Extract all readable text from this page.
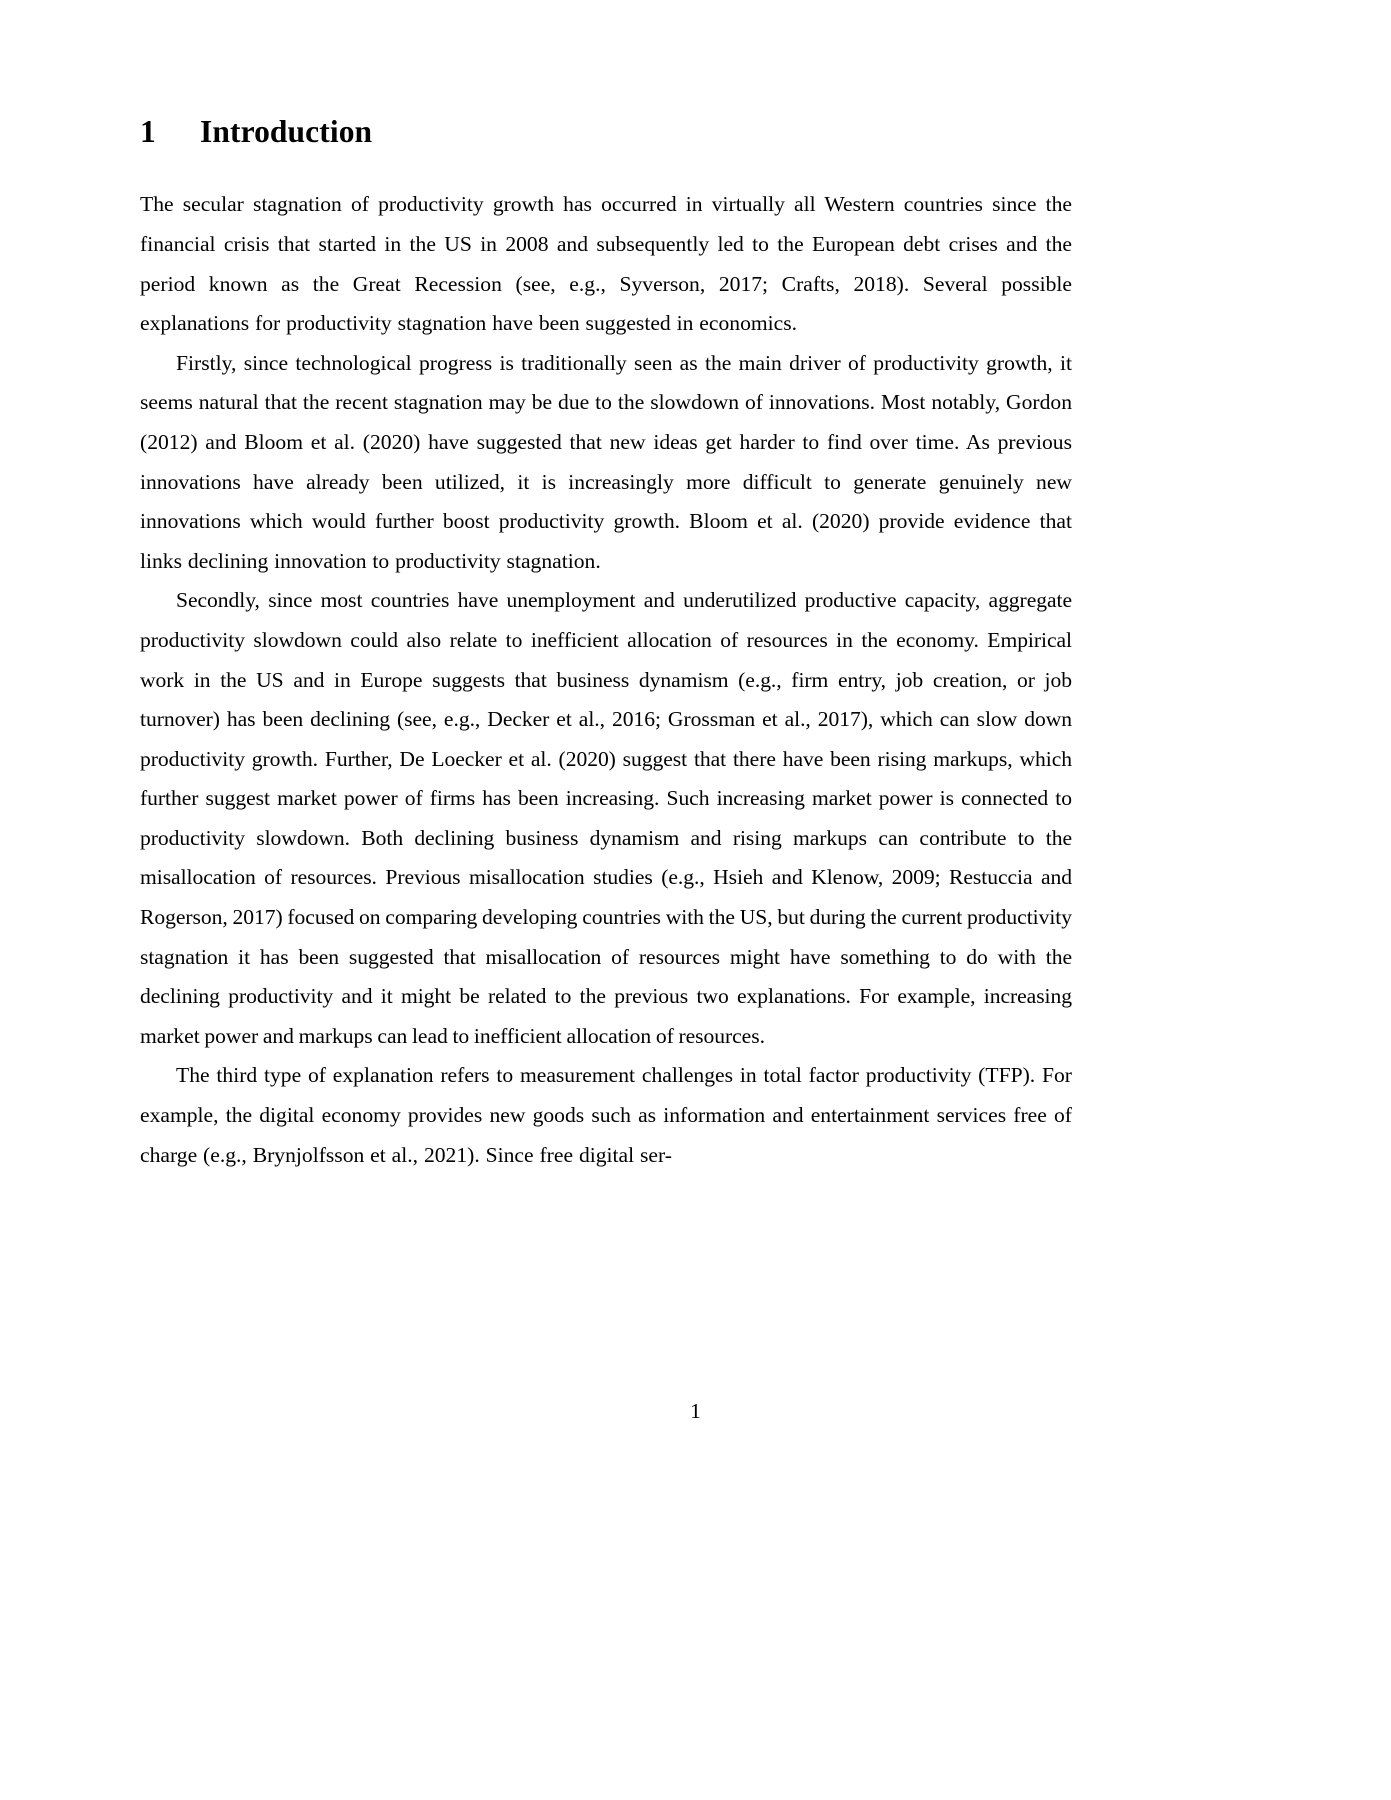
1 Introduction

The secular stagnation of productivity growth has occurred in virtually all Western countries since the financial crisis that started in the US in 2008 and subsequently led to the European debt crises and the period known as the Great Recession (see, e.g., Syverson, 2017; Crafts, 2018). Several possible explanations for productivity stagnation have been suggested in economics.

Firstly, since technological progress is traditionally seen as the main driver of productivity growth, it seems natural that the recent stagnation may be due to the slowdown of innovations. Most notably, Gordon (2012) and Bloom et al. (2020) have suggested that new ideas get harder to find over time. As previous innovations have already been utilized, it is increasingly more difficult to generate genuinely new innovations which would further boost productivity growth. Bloom et al. (2020) provide evidence that links declining innovation to productivity stagnation.

Secondly, since most countries have unemployment and underutilized productive capacity, aggregate productivity slowdown could also relate to inefficient allocation of resources in the economy. Empirical work in the US and in Europe suggests that business dynamism (e.g., firm entry, job creation, or job turnover) has been declining (see, e.g., Decker et al., 2016; Grossman et al., 2017), which can slow down productivity growth. Further, De Loecker et al. (2020) suggest that there have been rising markups, which further suggest market power of firms has been increasing. Such increasing market power is connected to productivity slowdown. Both declining business dynamism and rising markups can contribute to the misallocation of resources. Previous misallocation studies (e.g., Hsieh and Klenow, 2009; Restuccia and Rogerson, 2017) focused on comparing developing countries with the US, but during the current productivity stagnation it has been suggested that misallocation of resources might have something to do with the declining productivity and it might be related to the previous two explanations. For example, increasing market power and markups can lead to inefficient allocation of resources.

The third type of explanation refers to measurement challenges in total factor productivity (TFP). For example, the digital economy provides new goods such as information and entertainment services free of charge (e.g., Brynjolfsson et al., 2021). Since free digital ser-

1
